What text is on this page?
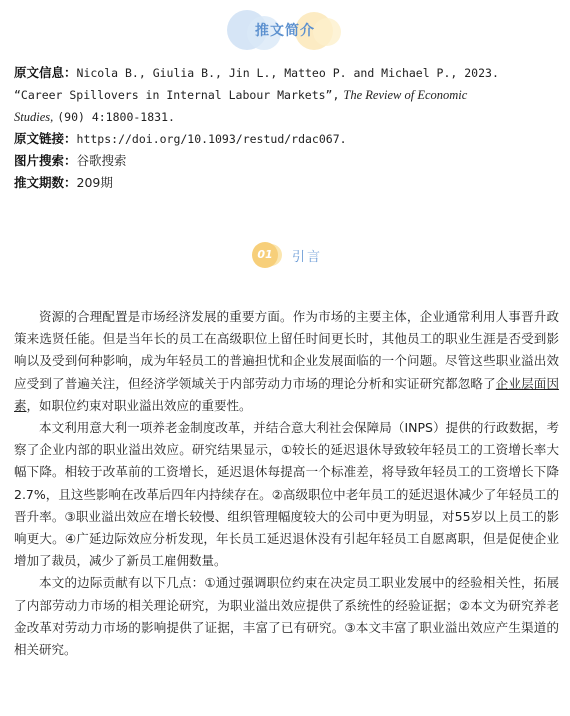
推文简介
原文信息：Nicola B., Giulia B., Jin L., Matteo P. and Michael P., 2023.
“Career Spillovers in Internal Labour Markets”, The Review of Economic
Studies, (90) 4:1800-1831.
原文链接：https://doi.org/10.1093/restud/rdac067.
图片搜索：谷歌搜索
推文期数：209期
01	引言

资源的合理配置是市场经济发展的重要方面。作为市场的主要主体，企业通常利用人事晋升政策来选贤任能。但是当年长的员工在高级职位上留任时间更长时，其他员工的职业生涯是否受到影响以及受到何种影响，成为年轻员工的普遍担忧和企业发展面临的一个问题。尽管这些职业溢出效应受到了普遍关注，但经济学领域关于内部劳动力市场的理论分析和实证研究都忽略了企业层面因素，如职位约束对职业溢出效应的重要性。

本文利用意大利一项养老金制度改革，并结合意大利社会保障局（INPS）提供的行政数据，考察了企业内部的职业溢出效应。研究结果显示，①较长的延迟退休导致较年轻员工的工资增长率大幅下降。相较于改革前的工资增长，延迟退休每提高一个标准差，将导致年轻员工的工资增长下降2.7%，且这些影响在改革后四年内持续存在。②高级职位中老年员工的延迟退休减少了年轻员工的晋升率。③职业溢出效应在增长较慢、组织管理幅度较大的公司中更为明显，对55岁以上员工的影响更大。④广延边际效应分析发现，年长员工延迟退休没有引起年轻员工自愿离职，但是促使企业增加了裁员，减少了新员工雇佣数量。

本文的边际贡献有以下几点：①通过强调职位约束在决定员工职业发展中的经验相关性，拓展了内部劳动力市场的相关理论研究，为职业溢出效应提供了系统性的经验证据；②本文为研究养老金改革对劳动力市场的影响提供了证据，丰富了已有研究。③本文丰富了职业溢出效应产生渠道的相关研究。
